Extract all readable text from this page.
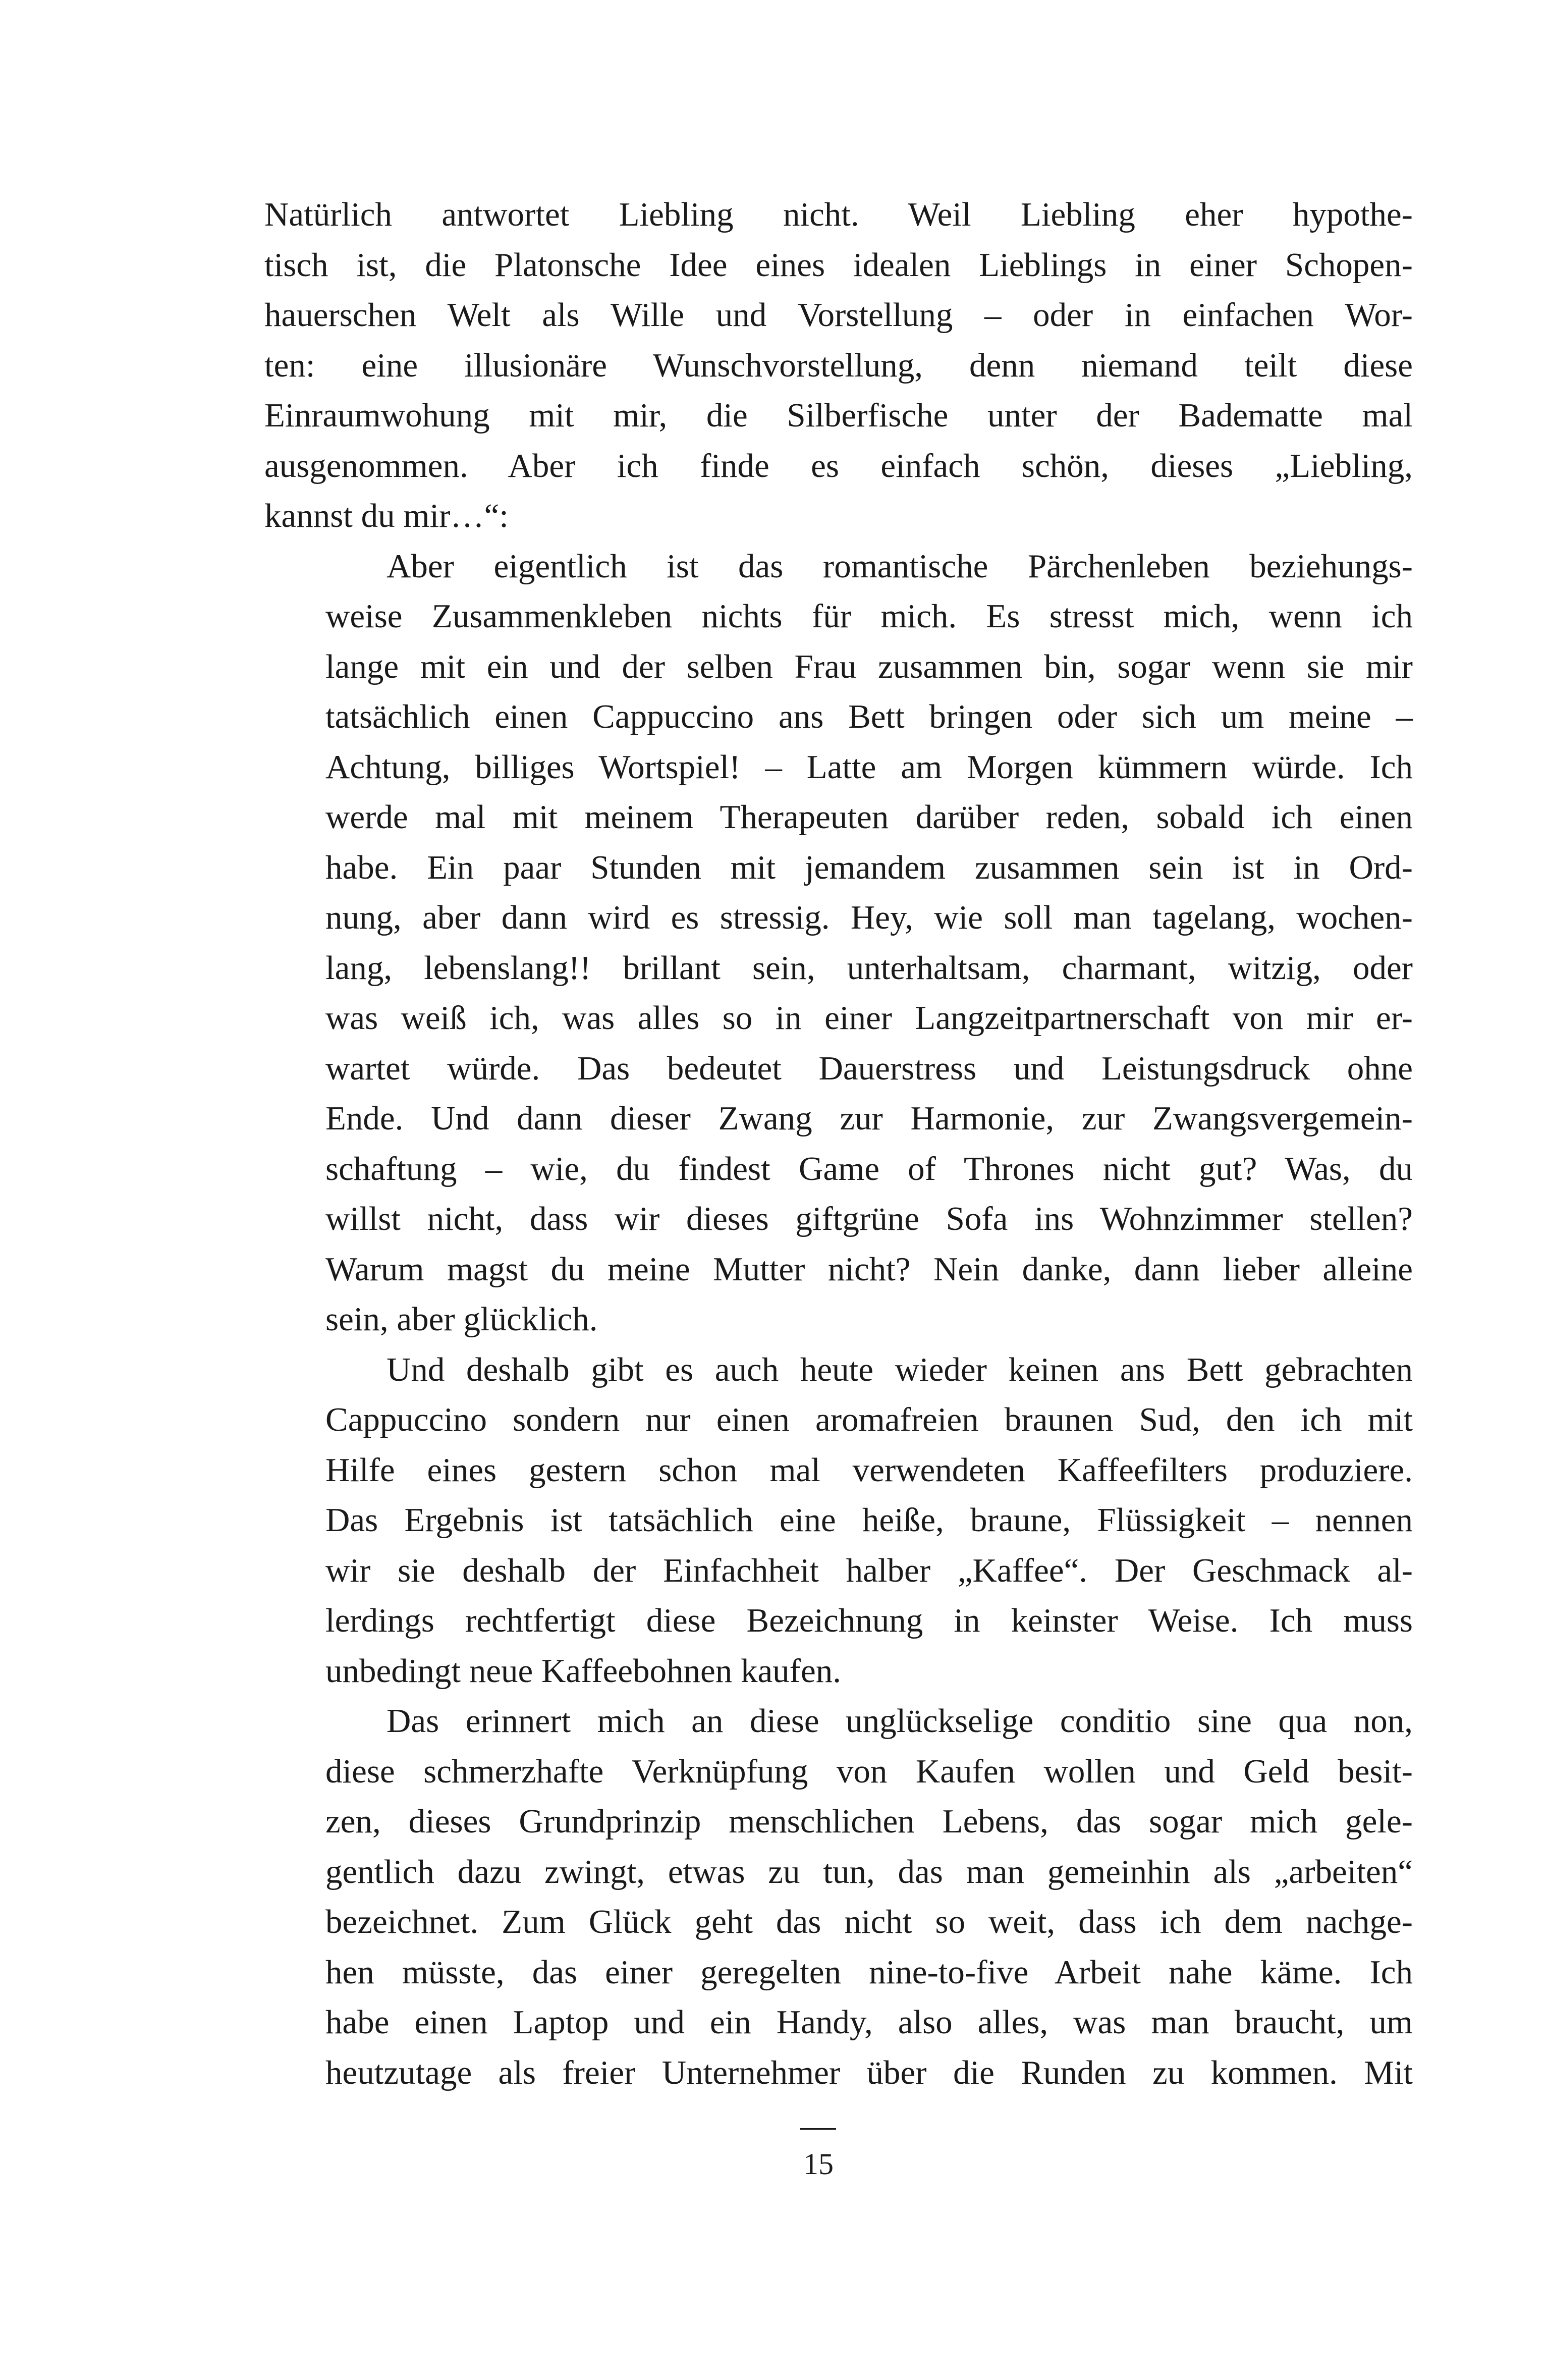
Natürlich antwortet Liebling nicht. Weil Liebling eher hypothe-
tisch ist, die Platonsche Idee eines idealen Lieblings in einer Schopen-
hauerschen Welt als Wille und Vorstellung – oder in einfachen Wor-
ten: eine illusionäre Wunschvorstellung, denn niemand teilt diese
Einraumwohung mit mir, die Silberfische unter der Badematte mal
ausgenommen. Aber ich finde es einfach schön, dieses „Liebling,
kannst du mir…“:
Aber eigentlich ist das romantische Pärchenleben beziehungs-
weise Zusammenkleben nichts für mich. Es stresst mich, wenn ich
lange mit ein und der selben Frau zusammen bin, sogar wenn sie mir
tatsächlich einen Cappuccino ans Bett bringen oder sich um meine –
Achtung, billiges Wortspiel! – Latte am Morgen kümmern würde. Ich
werde mal mit meinem Therapeuten darüber reden, sobald ich einen
habe. Ein paar Stunden mit jemandem zusammen sein ist in Ord-
nung, aber dann wird es stressig. Hey, wie soll man tagelang, wochen-
lang, lebenslang!! brillant sein, unterhaltsam, charmant, witzig, oder
was weiß ich, was alles so in einer Langzeitpartnerschaft von mir er-
wartet würde. Das bedeutet Dauerstress und Leistungsdruck ohne
Ende. Und dann dieser Zwang zur Harmonie, zur Zwangsvergemein-
schaftung – wie, du findest Game of Thrones nicht gut? Was, du
willst nicht, dass wir dieses giftgrüne Sofa ins Wohnzimmer stellen?
Warum magst du meine Mutter nicht? Nein danke, dann lieber alleine
sein, aber glücklich.
Und deshalb gibt es auch heute wieder keinen ans Bett gebrachten
Cappuccino sondern nur einen aromafreien braunen Sud, den ich mit
Hilfe eines gestern schon mal verwendeten Kaffeefilters produziere.
Das Ergebnis ist tatsächlich eine heiße, braune, Flüssigkeit – nennen
wir sie deshalb der Einfachheit halber „Kaffee“. Der Geschmack al-
lerdings rechtfertigt diese Bezeichnung in keinster Weise. Ich muss
unbedingt neue Kaffeebohnen kaufen.
Das erinnert mich an diese unglückselige conditio sine qua non,
diese schmerzhafte Verknüpfung von Kaufen wollen und Geld besit-
zen, dieses Grundprinzip menschlichen Lebens, das sogar mich gele-
gentlich dazu zwingt, etwas zu tun, das man gemeinhin als „arbeiten“
bezeichnet. Zum Glück geht das nicht so weit, dass ich dem nachge-
hen müsste, das einer geregelten nine-to-five Arbeit nahe käme. Ich
habe einen Laptop und ein Handy, also alles, was man braucht, um
heutzutage als freier Unternehmer über die Runden zu kommen. Mit
15
